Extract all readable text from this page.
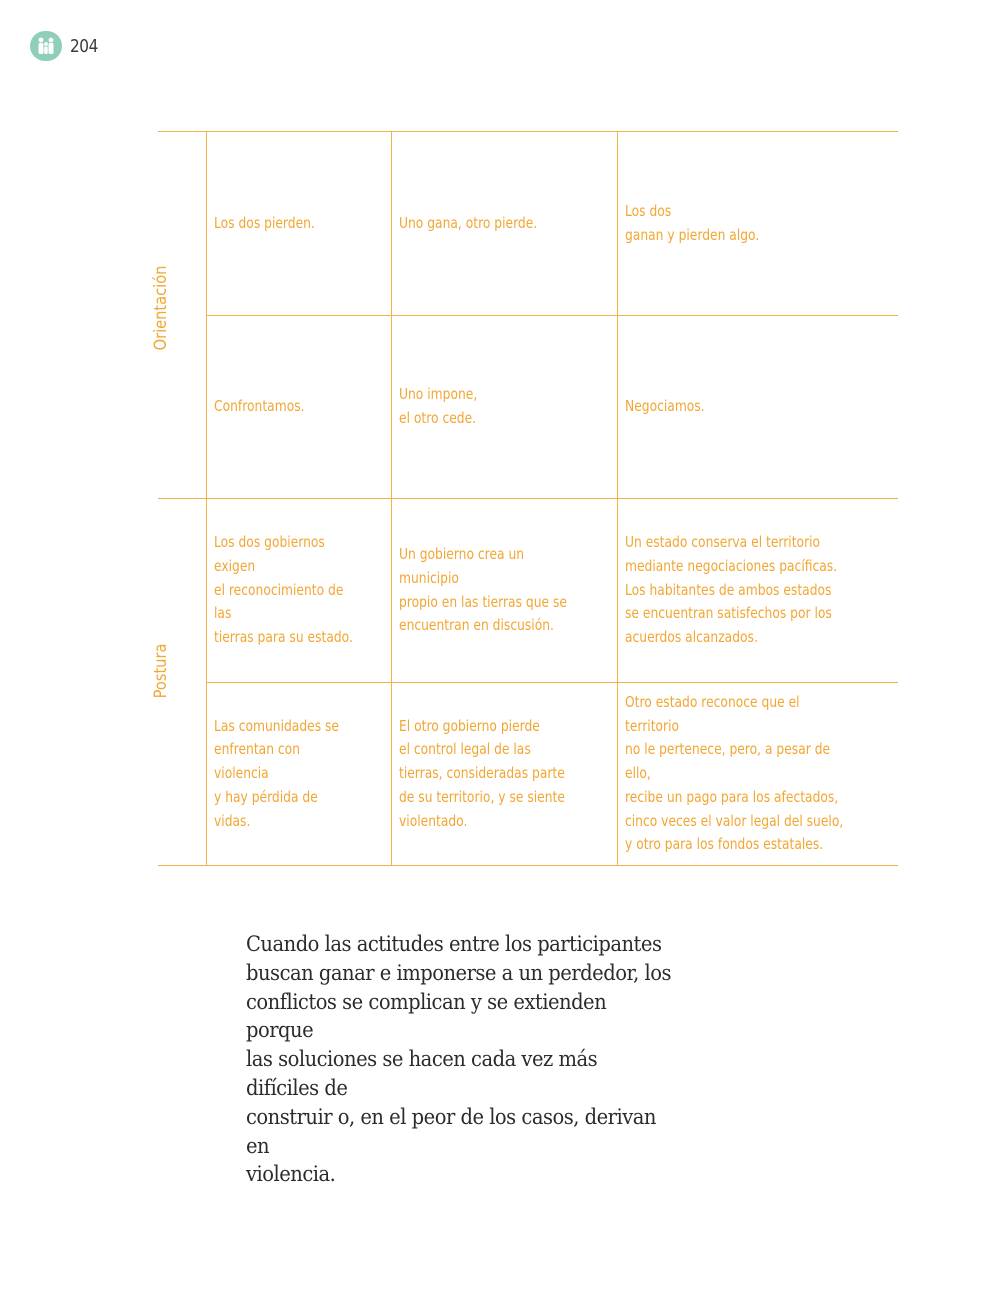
204
Orientación
Postura
Los dos pierden.	Uno gana, otro pierde.
Los dos
ganan y pierden algo.
Confrontamos.
Uno impone,
el otro cede.
Negociamos.
Los dos gobiernos exigen
el reconocimiento de las
tierras para su estado.
Un gobierno crea un municipio
propio en las tierras que se
encuentran en discusión.
Un estado conserva el territorio
mediante negociaciones pacíficas.
Los habitantes de ambos estados
se encuentran satisfechos por los
acuerdos alcanzados.
Las comunidades se
enfrentan con violencia
y hay pérdida de vidas.
El otro gobierno pierde
el control legal de las
tierras, consideradas parte
de su territorio, y se siente
violentado.
Otro estado reconoce que el territorio
no le pertenece, pero, a pesar de ello,
recibe un pago para los afectados,
cinco veces el valor legal del suelo,
y otro para los fondos estatales.
Cuando las actitudes entre los participantes
buscan ganar e imponerse a un perdedor, los
conflictos se complican y se extienden porque
las soluciones se hacen cada vez más difíciles de
construir o, en el peor de los casos, derivan en
violencia.
